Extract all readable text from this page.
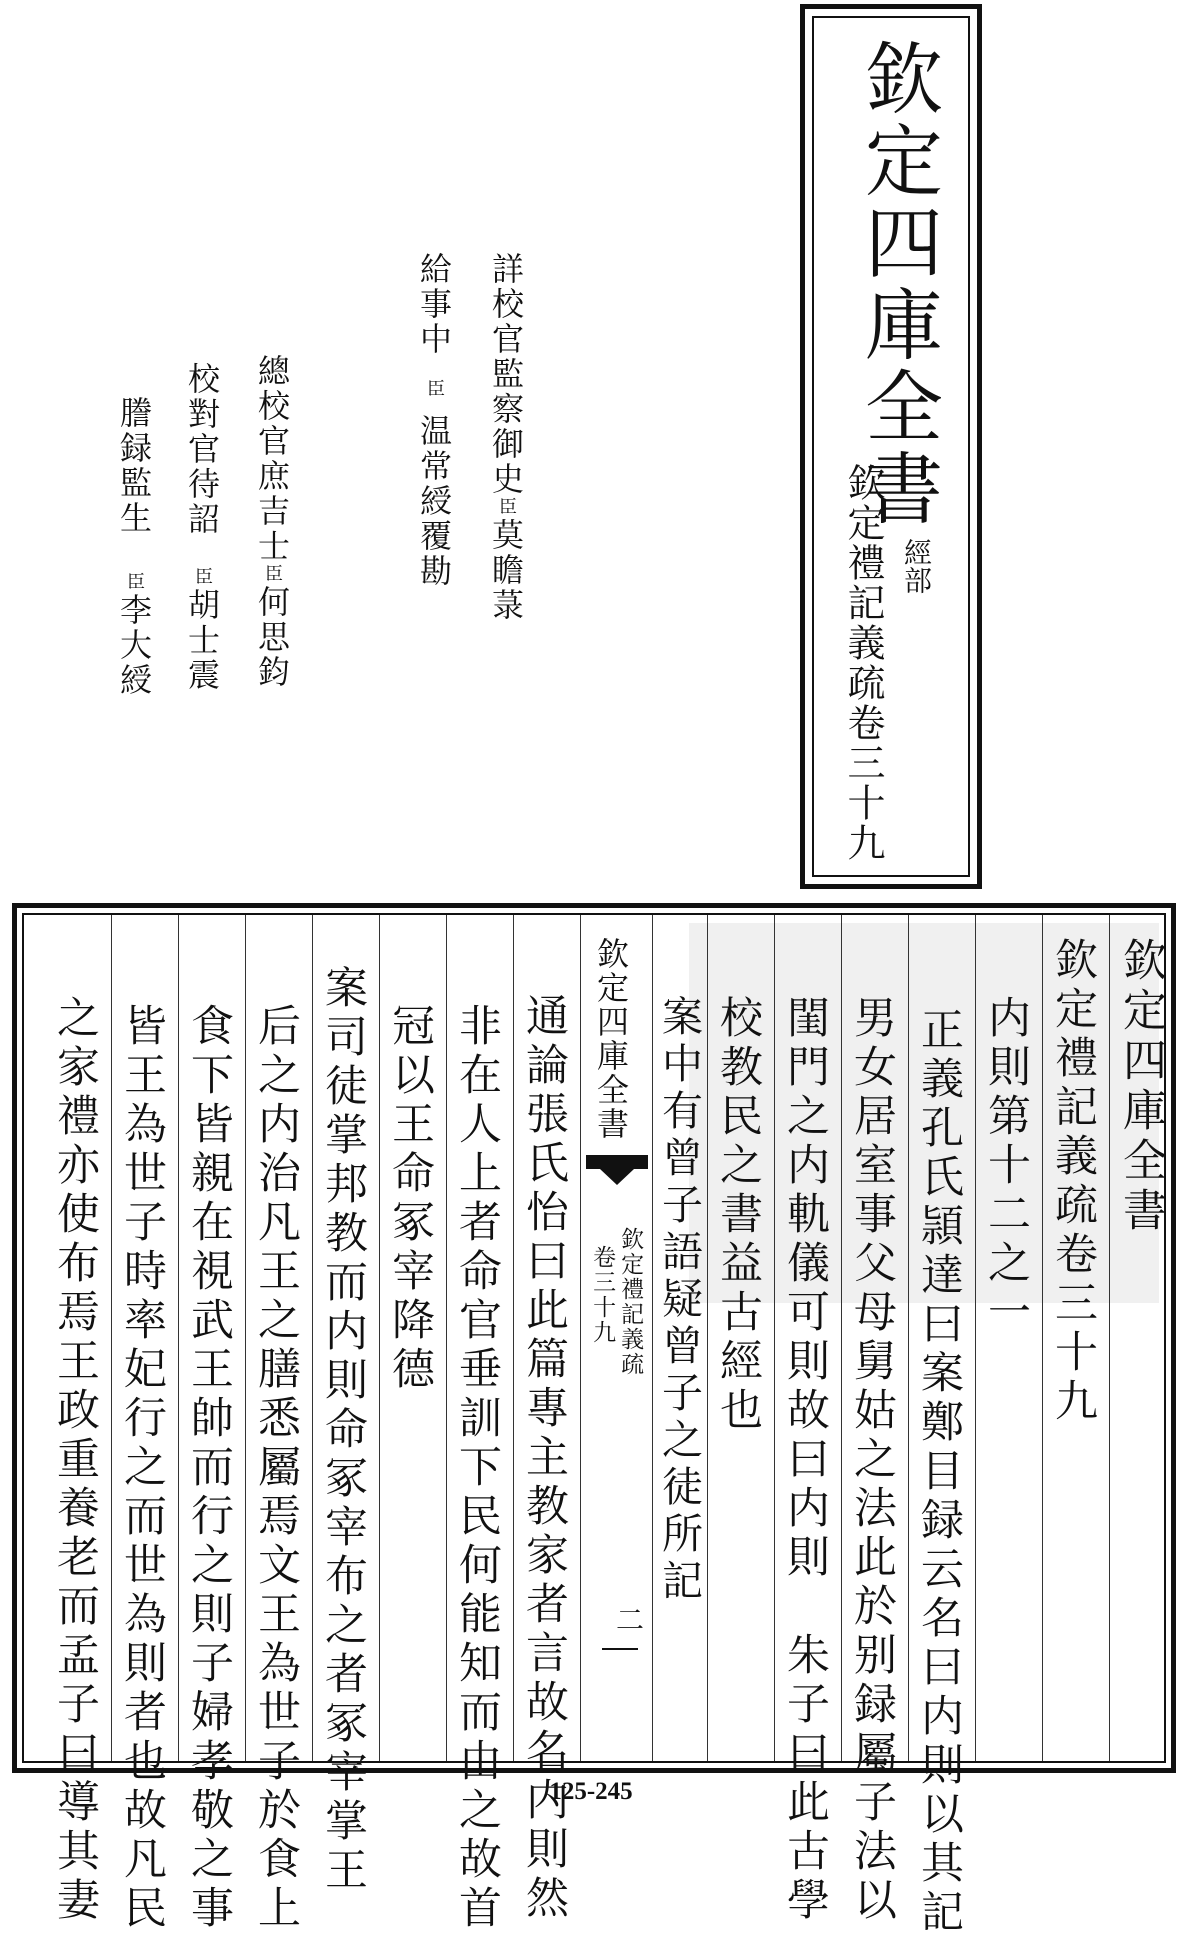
欽定四庫全書
欽定禮記義疏卷三十九 經部
詳校官監察御史臣莫瞻菉
給事中臣温常綬覆勘
總校官庶吉士臣何思鈞
校對官待詔臣胡士震
謄録監生臣李大綬
欽定四庫全書
欽定禮記義疏卷三十九
内則第十二之一
正義孔氏頴達曰案鄭目録云名曰内則以其記
男女居室事父母舅姑之法此於别録屬子法以
閨門之内軌儀可則故曰内則　朱子曰此古學
校教民之書益古經也
案中有曾子語疑曾子之徒所記
欽定四庫全書
欽定禮記義疏
卷三十九
二
通論張氏怡曰此篇專主教家者言故名内則然
非在人上者命官垂訓下民何能知而由之故首
冠以王命冢宰降德
案司徒掌邦教而内則命冢宰布之者冢宰掌王
后之内治凡王之膳悉屬焉文王為世子於食上
食下皆親在視武王帥而行之則子婦孝敬之事
皆王為世子時率妃行之而世為則者也故凡民
之家禮亦使布焉王政重養老而孟子曰導其妻	125-245
